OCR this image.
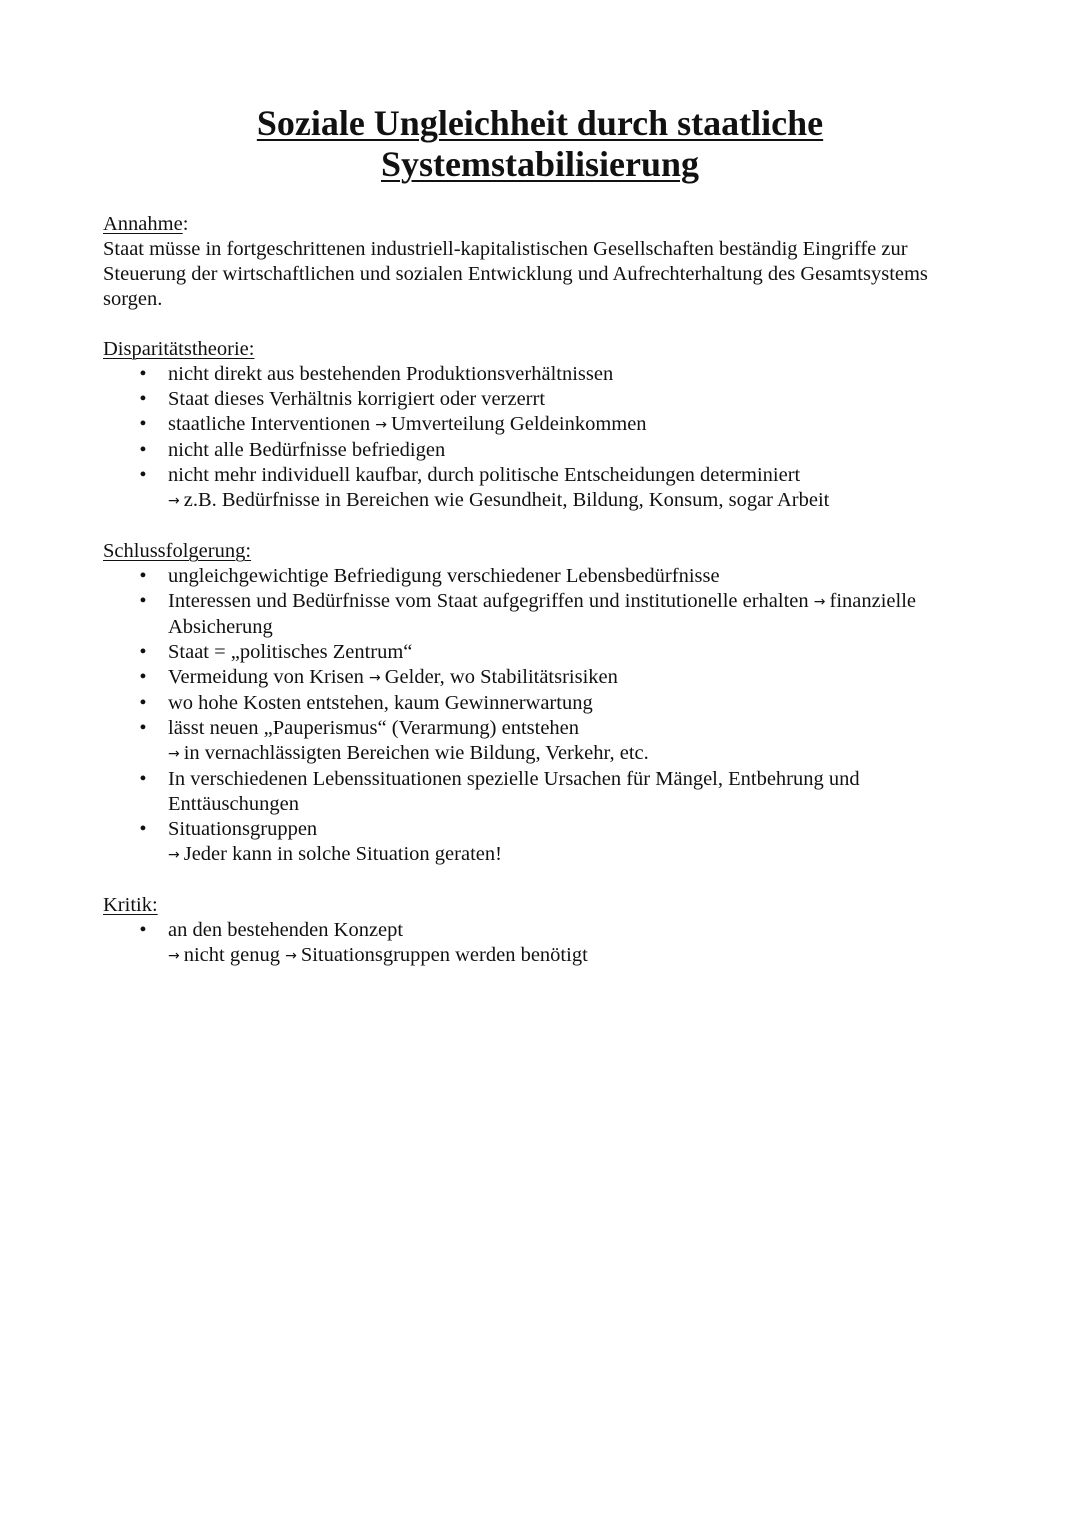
Soziale Ungleichheit durch staatliche
Systemstabilisierung
Annahme:

Staat müsse in fortgeschrittenen industriell-kapitalistischen Gesellschaften beständig Eingriffe zur Steuerung der wirtschaftlichen und sozialen Entwicklung und Aufrechterhaltung des Gesamtsystems sorgen.

Disparitätstheorie:
• nicht direkt aus bestehenden Produktionsverhältnissen
• Staat dieses Verhältnis korrigiert oder verzerrt
• staatliche Interventionen → Umverteilung Geldeinkommen
• nicht alle Bedürfnisse befriedigen
• nicht mehr individuell kaufbar, durch politische Entscheidungen determiniert
→ z.B. Bedürfnisse in Bereichen wie Gesundheit, Bildung, Konsum, sogar Arbeit
Schlussfolgerung:
• ungleichgewichtige Befriedigung verschiedener Lebensbedürfnisse
• Interessen und Bedürfnisse vom Staat aufgegriffen und institutionelle erhalten → finanzielle Absicherung
• Staat = „politisches Zentrum“
• Vermeidung von Krisen → Gelder, wo Stabilitätsrisiken
• wo hohe Kosten entstehen, kaum Gewinnerwartung
• lässt neuen „Pauperismus“ (Verarmung) entstehen
→ in vernachlässigten Bereichen wie Bildung, Verkehr, etc.
• In verschiedenen Lebenssituationen spezielle Ursachen für Mängel, Entbehrung und Enttäuschungen
• Situationsgruppen
→ Jeder kann in solche Situation geraten!
Kritik:
• an den bestehenden Konzept
→ nicht genug → Situationsgruppen werden benötigt
